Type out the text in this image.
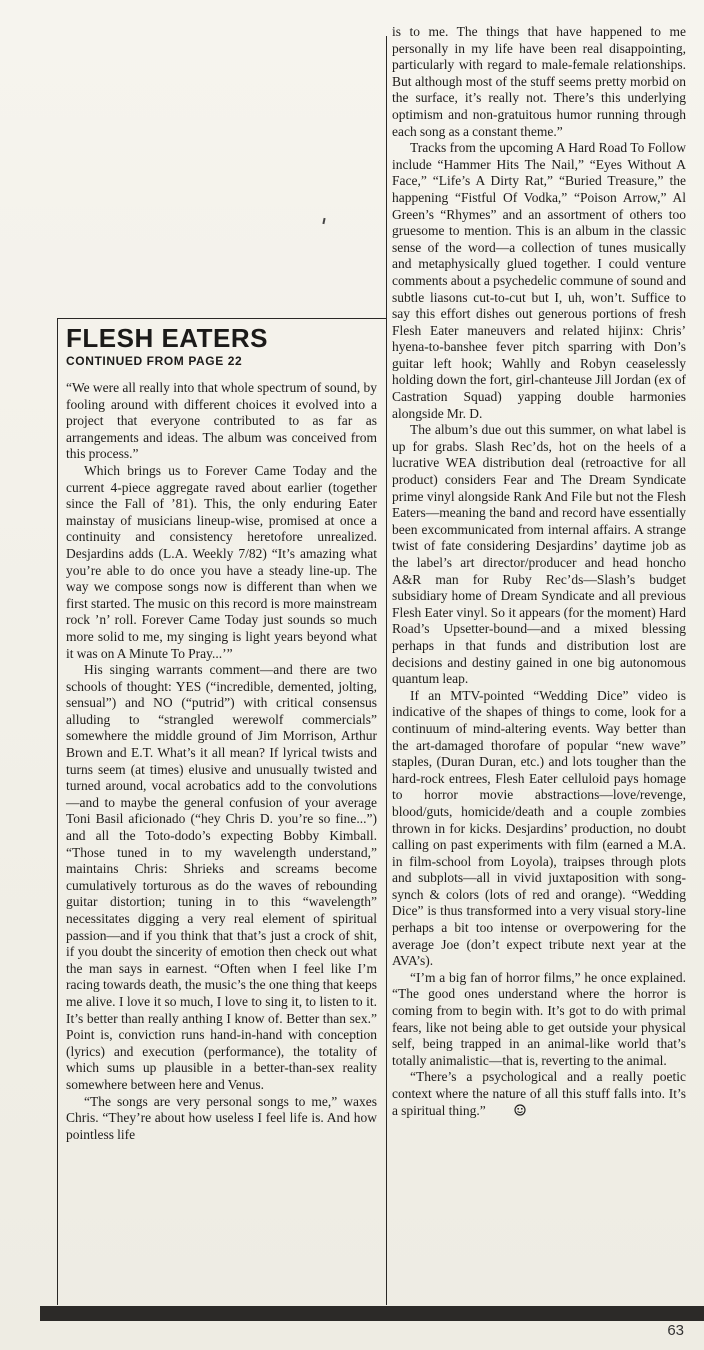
FLESH EATERS
CONTINUED FROM PAGE 22

“We were all really into that whole spectrum of sound, by fooling around with different choices it evolved into a project that everyone contributed to as far as arrangements and ideas. The album was conceived from this process.”

Which brings us to Forever Came Today and the current 4-piece aggregate raved about earlier (together since the Fall of ’81). This, the only enduring Eater mainstay of musicians lineup-wise, promised at once a continuity and consistency heretofore unrealized. Desjardins adds (L.A. Weekly 7/82) “It’s amazing what you’re able to do once you have a steady line-up. The way we compose songs now is different than when we first started. The music on this record is more mainstream rock ’n’ roll. Forever Came Today just sounds so much more solid to me, my singing is light years beyond what it was on A Minute To Pray...’”

His singing warrants comment—and there are two schools of thought: YES (“incredible, demented, jolting, sensual”) and NO (“putrid”) with critical consensus alluding to “strangled werewolf commercials” somewhere the middle ground of Jim Morrison, Arthur Brown and E.T. What’s it all mean? If lyrical twists and turns seem (at times) elusive and unusually twisted and turned around, vocal acrobatics add to the convolutions—and to maybe the general confusion of your average Toni Basil aficionado (“hey Chris D. you’re so fine...”) and all the Toto-dodo’s expecting Bobby Kimball. “Those tuned in to my wavelength understand,” maintains Chris: Shrieks and screams become cumulatively torturous as do the waves of rebounding guitar distortion; tuning in to this “wavelength” necessitates digging a very real element of spiritual passion—and if you think that that’s just a crock of shit, if you doubt the sincerity of emotion then check out what the man says in earnest. “Often when I feel like I’m racing towards death, the music’s the one thing that keeps me alive. I love it so much, I love to sing it, to listen to it. It’s better than really anthing I know of. Better than sex.” Point is, conviction runs hand-in-hand with conception (lyrics) and execution (performance), the totality of which sums up plausible in a better-than-sex reality somewhere between here and Venus.

“The songs are very personal songs to me,” waxes Chris. “They’re about how useless I feel life is. And how pointless life

is to me. The things that have happened to me personally in my life have been real disappointing, particularly with regard to male-female relationships. But although most of the stuff seems pretty morbid on the surface, it’s really not. There’s this underlying optimism and non-gratuitous humor running through each song as a constant theme.”

Tracks from the upcoming A Hard Road To Follow include “Hammer Hits The Nail,” “Eyes Without A Face,” “Life’s A Dirty Rat,” “Buried Treasure,” the happening “Fistful Of Vodka,” “Poison Arrow,” Al Green’s “Rhymes” and an assortment of others too gruesome to mention. This is an album in the classic sense of the word—a collection of tunes musically and metaphysically glued together. I could venture comments about a psychedelic commune of sound and subtle liasons cut-to-cut but I, uh, won’t. Suffice to say this effort dishes out generous portions of fresh Flesh Eater maneuvers and related hijinx: Chris’ hyena-to-banshee fever pitch sparring with Don’s guitar left hook; Wahlly and Robyn ceaselessly holding down the fort, girl-chanteuse Jill Jordan (ex of Castration Squad) yapping double harmonies alongside Mr. D.

The album’s due out this summer, on what label is up for grabs. Slash Rec’ds, hot on the heels of a lucrative WEA distribution deal (retroactive for all product) considers Fear and The Dream Syndicate prime vinyl alongside Rank And File but not the Flesh Eaters—meaning the band and record have essentially been excommunicated from internal affairs. A strange twist of fate considering Desjardins’ daytime job as the label’s art director/producer and head honcho A&R man for Ruby Rec’ds—Slash’s budget subsidiary home of Dream Syndicate and all previous Flesh Eater vinyl. So it appears (for the moment) Hard Road’s Upsetter-bound—and a mixed blessing perhaps in that funds and distribution lost are decisions and destiny gained in one big autonomous quantum leap.

If an MTV-pointed “Wedding Dice” video is indicative of the shapes of things to come, look for a continuum of mind-altering events. Way better than the art-damaged thorofare of popular “new wave” staples, (Duran Duran, etc.) and lots tougher than the hard-rock entrees, Flesh Eater celluloid pays homage to horror movie abstractions—love/revenge, blood/guts, homicide/death and a couple zombies thrown in for kicks. Desjardins’ production, no doubt calling on past experiments with film (earned a M.A. in film-school from Loyola), traipses through plots and subplots—all in vivid juxtaposition with song-synch & colors (lots of red and orange). “Wedding Dice” is thus transformed into a very visual story-line perhaps a bit too intense or overpowering for the average Joe (don’t expect tribute next year at the AVA’s).

“I’m a big fan of horror films,” he once explained. “The good ones understand where the horror is coming from to begin with. It’s got to do with primal fears, like not being able to get outside your physical self, being trapped in an animal-like world that’s totally animalistic—that is, reverting to the animal.

“There’s a psychological and a really poetic context where the nature of all this stuff falls into. It’s a spiritual thing.”

63
